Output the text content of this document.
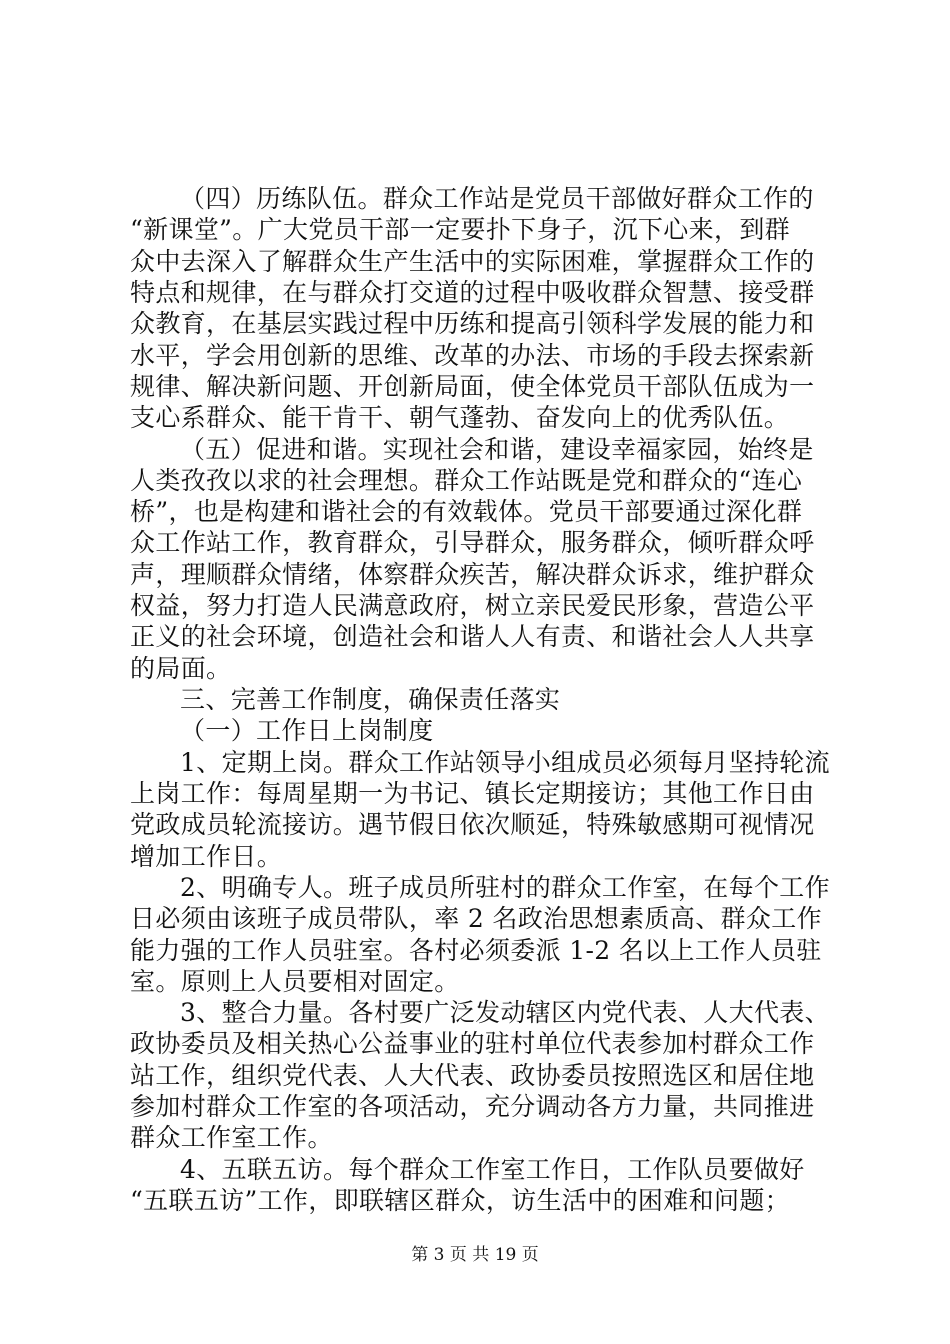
（四）历练队伍。群众工作站是党员干部做好群众工作的
“新课堂”。广大党员干部一定要扑下身子，沉下心来，到群
众中去深入了解群众生产生活中的实际困难，掌握群众工作的
特点和规律，在与群众打交道的过程中吸收群众智慧、接受群
众教育，在基层实践过程中历练和提高引领科学发展的能力和
水平，学会用创新的思维、改革的办法、市场的手段去探索新
规律、解决新问题、开创新局面，使全体党员干部队伍成为一
支心系群众、能干肯干、朝气蓬勃、奋发向上的优秀队伍。
（五）促进和谐。实现社会和谐，建设幸福家园，始终是
人类孜孜以求的社会理想。群众工作站既是党和群众的“连心
桥”，也是构建和谐社会的有效载体。党员干部要通过深化群
众工作站工作，教育群众，引导群众，服务群众，倾听群众呼
声，理顺群众情绪，体察群众疾苦，解决群众诉求，维护群众
权益，努力打造人民满意政府，树立亲民爱民形象，营造公平
正义的社会环境，创造社会和谐人人有责、和谐社会人人共享
的局面。
三、完善工作制度，确保责任落实
（一）工作日上岗制度
1、定期上岗。群众工作站领导小组成员必须每月坚持轮流
上岗工作：每周星期一为书记、镇长定期接访；其他工作日由
党政成员轮流接访。遇节假日依次顺延，特殊敏感期可视情况
增加工作日。
2、明确专人。班子成员所驻村的群众工作室，在每个工作
日必须由该班子成员带队，率 2 名政治思想素质高、群众工作
能力强的工作人员驻室。各村必须委派 1-2 名以上工作人员驻
室。原则上人员要相对固定。
3、整合力量。各村要广泛发动辖区内党代表、人大代表、
政协委员及相关热心公益事业的驻村单位代表参加村群众工作
站工作，组织党代表、人大代表、政协委员按照选区和居住地
参加村群众工作室的各项活动，充分调动各方力量，共同推进
群众工作室工作。
4、五联五访。每个群众工作室工作日，工作队员要做好
“五联五访”工作，即联辖区群众，访生活中的困难和问题；
第 3 页 共 19 页
